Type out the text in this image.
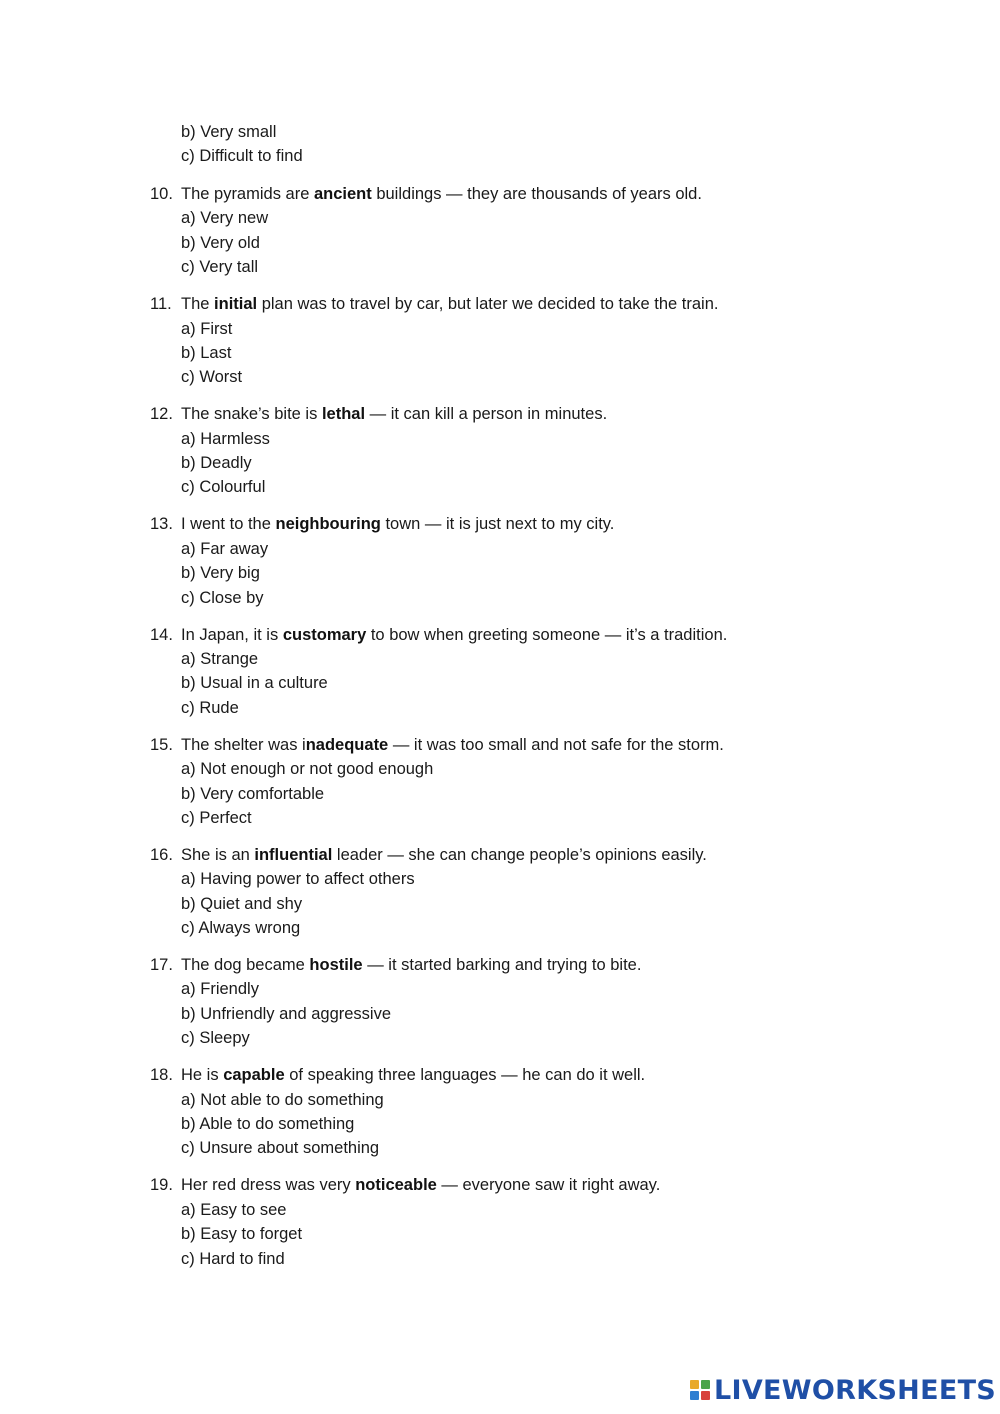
b) Very small
c) Difficult to find
10. The pyramids are ancient buildings — they are thousands of years old.
a) Very new
b) Very old
c) Very tall
11. The initial plan was to travel by car, but later we decided to take the train.
a) First
b) Last
c) Worst
12. The snake’s bite is lethal — it can kill a person in minutes.
a) Harmless
b) Deadly
c) Colourful
13. I went to the neighbouring town — it is just next to my city.
a) Far away
b) Very big
c) Close by
14. In Japan, it is customary to bow when greeting someone — it’s a tradition.
a) Strange
b) Usual in a culture
c) Rude
15. The shelter was inadequate — it was too small and not safe for the storm.
a) Not enough or not good enough
b) Very comfortable
c) Perfect
16. She is an influential leader — she can change people’s opinions easily.
a) Having power to affect others
b) Quiet and shy
c) Always wrong
17. The dog became hostile — it started barking and trying to bite.
a) Friendly
b) Unfriendly and aggressive
c) Sleepy
18. He is capable of speaking three languages — he can do it well.
a) Not able to do something
b) Able to do something
c) Unsure about something
19. Her red dress was very noticeable — everyone saw it right away.
a) Easy to see
b) Easy to forget
c) Hard to find
LIVEWORKSHEETS
